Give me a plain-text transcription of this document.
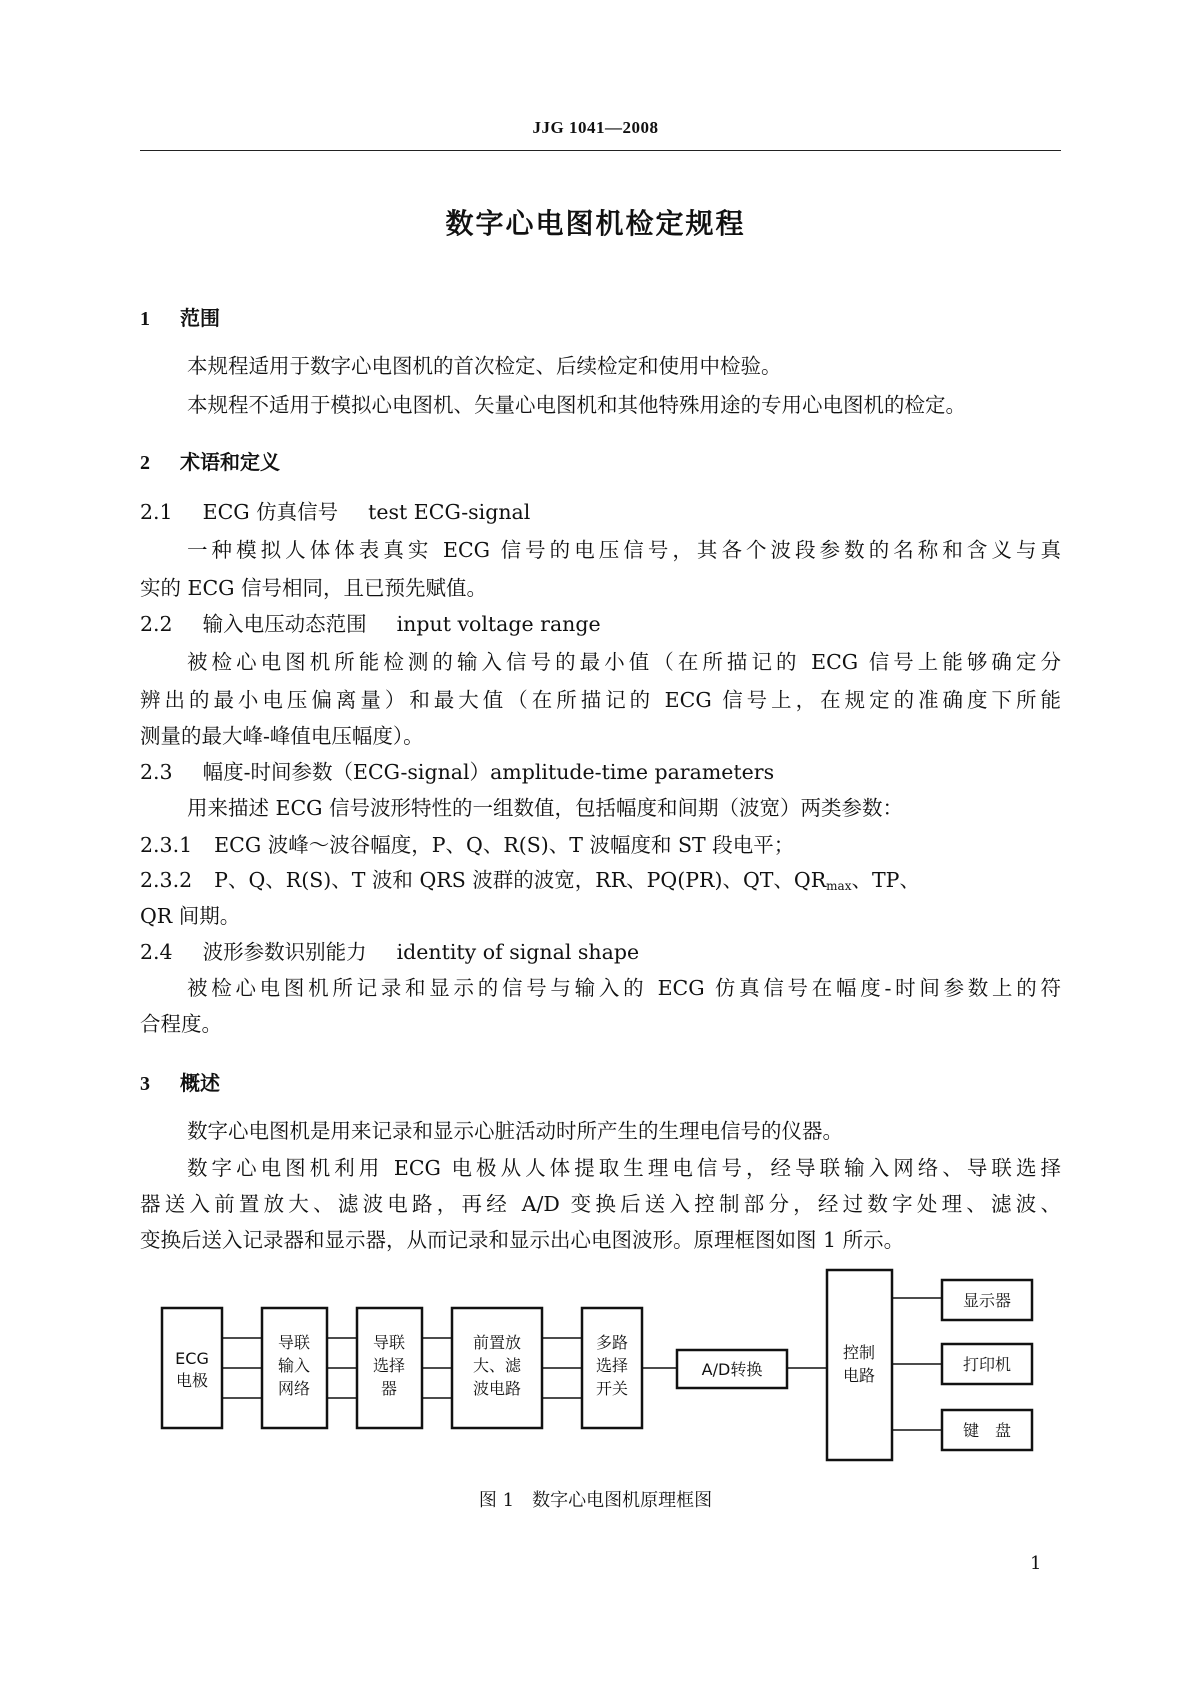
JJG 1041—2008
数字心电图机检定规程
1 范围
本规程适用于数字心电图机的首次检定、后续检定和使用中检验。
本规程不适用于模拟心电图机、矢量心电图机和其他特殊用途的专用心电图机的检定。
2 术语和定义
2.1 ECG 仿真信号 test ECG-signal
一种模拟人体体表真实 ECG 信号的电压信号，其各个波段参数的名称和含义与真
实的 ECG 信号相同，且已预先赋值。
2.2 输入电压动态范围 input voltage range
被检心电图机所能检测的输入信号的最小值（在所描记的 ECG 信号上能够确定分
辨出的最小电压偏离量）和最大值（在所描记的 ECG 信号上，在规定的准确度下所能
测量的最大峰-峰值电压幅度）。
2.3 幅度-时间参数（ECG-signal）amplitude-time parameters
用来描述 ECG 信号波形特性的一组数值，包括幅度和间期（波宽）两类参数：
2.3.1 ECG 波峰～波谷幅度，P、Q、R(S)、T 波幅度和 ST 段电平；
2.3.2 P、Q、R(S)、T 波和 QRS 波群的波宽，RR、PQ(PR)、QT、$QR_{max}$、TP、
QR 间期。
2.4 波形参数识别能力 identity of signal shape
被检心电图机所记录和显示的信号与输入的 ECG 仿真信号在幅度-时间参数上的符
合程度。
3 概述
数字心电图机是用来记录和显示心脏活动时所产生的生理电信号的仪器。
数字心电图机利用 ECG 电极从人体提取生理电信号，经导联输入网络、导联选择
器送入前置放大、滤波电路，再经 A/D 变换后送入控制部分，经过数字处理、滤波、
变换后送入记录器和显示器，从而记录和显示出心电图波形。原理框图如图 1 所示。
ECG
电极
导联
输入
网络
导联
选择
器
前置放
大、滤
波电路
多路
选择
开关
A/D转换
控制
电路
显示器
打印机
键　盘
图 1　数字心电图机原理框图
1
